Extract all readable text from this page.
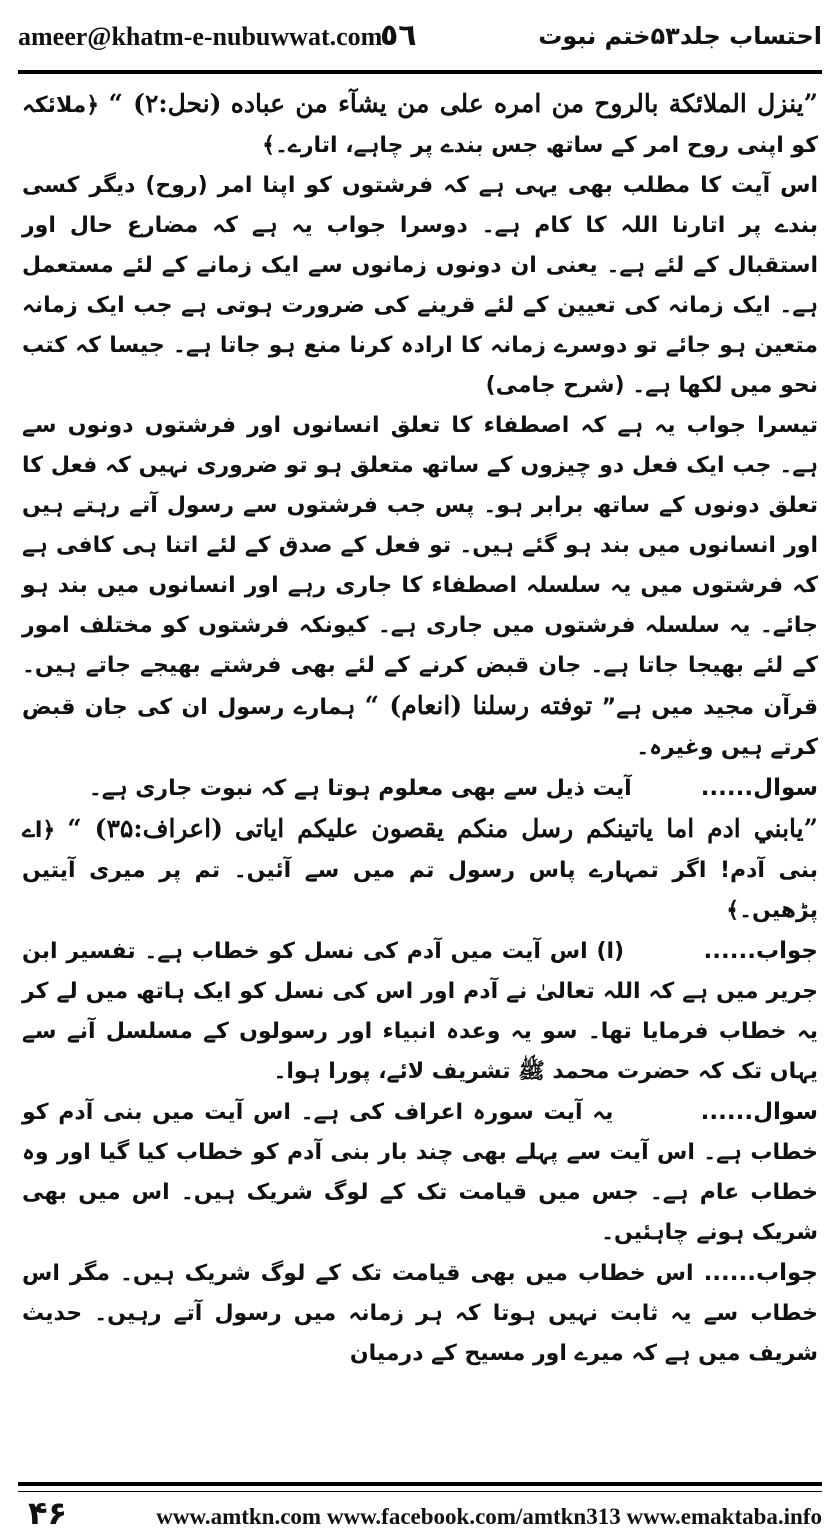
ameer@khatm-e-nubuwwat.com
٥٦	احتساب جلد۵۳ختم نبوت

”ينزل الملائكة بالروح من امره على من يشآء من عباده (نحل:۲) “ ﴿ملائکہ کو اپنی روح امر کے ساتھ جس بندے پر چاہے، اتارے۔﴾

اس آیت کا مطلب بھی یہی ہے کہ فرشتوں کو اپنا امر (روح) دیگر کسی بندے پر اتارنا اللہ کا کام ہے۔ دوسرا جواب یہ ہے کہ مضارع حال اور استقبال کے لئے ہے۔ یعنی ان دونوں زمانوں سے ایک زمانے کے لئے مستعمل ہے۔ ایک زمانہ کی تعیین کے لئے قرینے کی ضرورت ہوتی ہے جب ایک زمانہ متعین ہو جائے تو دوسرے زمانہ کا ارادہ کرنا منع ہو جاتا ہے۔ جیسا کہ کتب نحو میں لکھا ہے۔ (شرح جامی)

تیسرا جواب یہ ہے کہ اصطفاء کا تعلق انسانوں اور فرشتوں دونوں سے ہے۔ جب ایک فعل دو چیزوں کے ساتھ متعلق ہو تو ضروری نہیں کہ فعل کا تعلق دونوں کے ساتھ برابر ہو۔ پس جب فرشتوں سے رسول آتے رہتے ہیں اور انسانوں میں بند ہو گئے ہیں۔ تو فعل کے صدق کے لئے اتنا ہی کافی ہے کہ فرشتوں میں یہ سلسلہ اصطفاء کا جاری رہے اور انسانوں میں بند ہو جائے۔ یہ سلسلہ فرشتوں میں جاری ہے۔ کیونکہ فرشتوں کو مختلف امور کے لئے بھیجا جاتا ہے۔ جان قبض کرنے کے لئے بھی فرشتے بھیجے جاتے ہیں۔ قرآن مجید میں ہے” توفته رسلنا (انعام) “ ہمارے رسول ان کی جان قبض کرتے ہیں وغیرہ۔

سوال......         آیت ذیل سے بھی معلوم ہوتا ہے کہ نبوت جاری ہے۔

”يابني ادم اما ياتينكم رسل منكم يقصون عليكم اياتى (اعراف:۳۵) “ ﴿اے بنی آدم! اگر تمہارے پاس رسول تم میں سے آئیں۔ تم پر میری آیتیں پڑھیں۔﴾

جواب......         (ا) اس آیت میں آدم کی نسل کو خطاب ہے۔ تفسیر ابن جریر میں ہے کہ اللہ تعالیٰ نے آدم اور اس کی نسل کو ایک ہاتھ میں لے کر یہ خطاب فرمایا تھا۔ سو یہ وعدہ انبیاء اور رسولوں کے مسلسل آنے سے یہاں تک کہ حضرت محمد ﷺ تشریف لائے، پورا ہوا۔

سوال......         یہ آیت سورہ اعراف کی ہے۔ اس آیت میں بنی آدم کو خطاب ہے۔ اس آیت سے پہلے بھی چند بار بنی آدم کو خطاب کیا گیا اور وہ خطاب عام ہے۔ جس میں قیامت تک کے لوگ شریک ہیں۔ اس میں بھی شریک ہونے چاہئیں۔

جواب...... اس خطاب میں بھی قیامت تک کے لوگ شریک ہیں۔ مگر اس خطاب سے یہ ثابت نہیں ہوتا کہ ہر زمانہ میں رسول آتے رہیں۔ حدیث شریف میں ہے کہ میرے اور مسیح کے درمیان

۴۶	www.amtkn.com www.facebook.com/amtkn313 www.emaktaba.info
